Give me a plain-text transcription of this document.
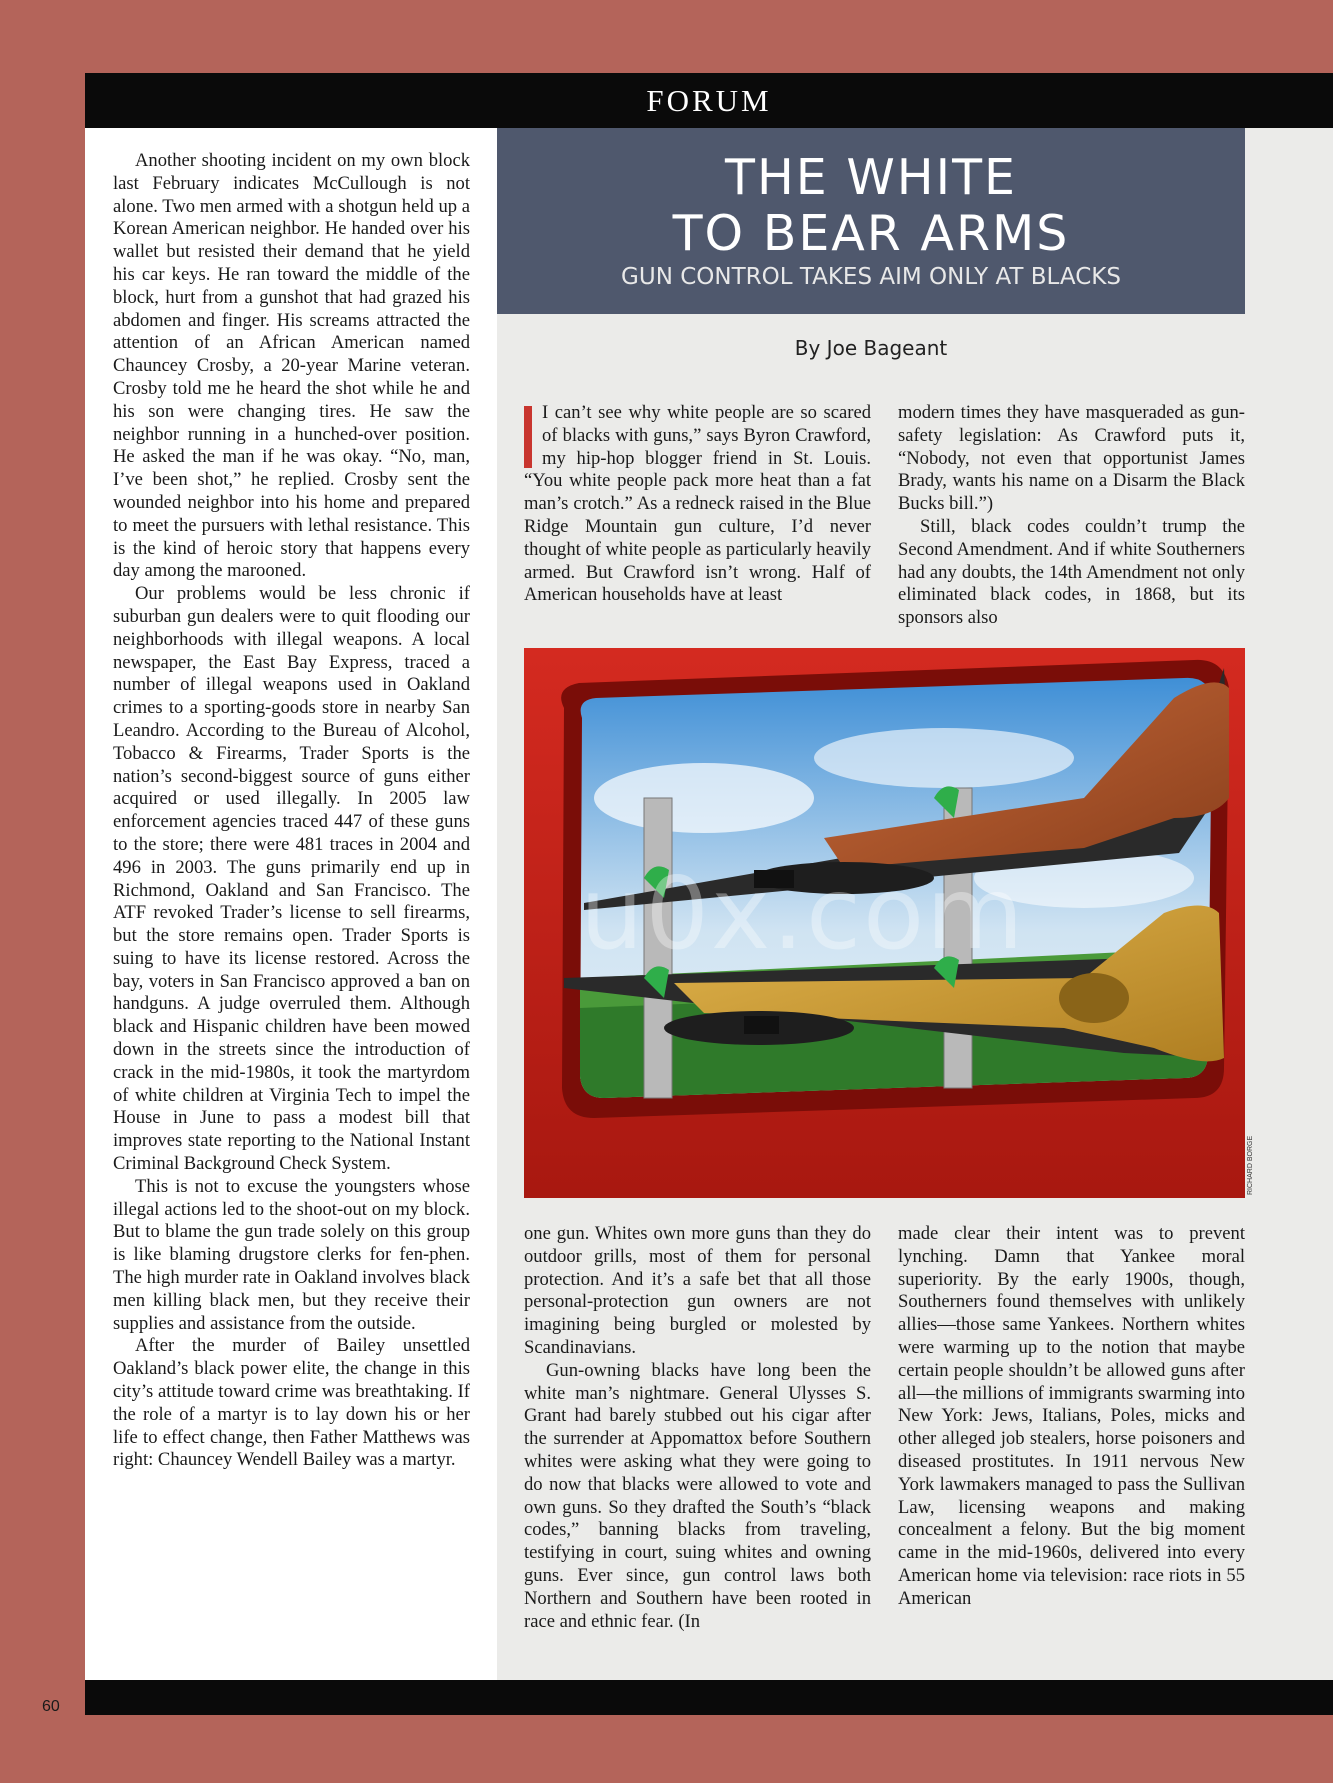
FORUM

Another shooting incident on my own block last February indicates McCullough is not alone. Two men armed with a shotgun held up a Korean American neighbor. He handed over his wallet but resisted their demand that he yield his car keys. He ran toward the middle of the block, hurt from a gunshot that had grazed his abdomen and finger. His screams attracted the attention of an African American named Chauncey Crosby, a 20-year Marine veteran. Crosby told me he heard the shot while he and his son were changing tires. He saw the neighbor running in a hunched-over position. He asked the man if he was okay. “No, man, I’ve been shot,” he replied. Crosby sent the wounded neighbor into his home and prepared to meet the pursuers with lethal resistance. This is the kind of heroic story that happens every day among the marooned.

Our problems would be less chronic if suburban gun dealers were to quit flooding our neighborhoods with illegal weapons. A local newspaper, the East Bay Express, traced a number of illegal weapons used in Oakland crimes to a sporting-goods store in nearby San Leandro. According to the Bureau of Alcohol, Tobacco & Firearms, Trader Sports is the nation’s second-biggest source of guns either acquired or used illegally. In 2005 law enforcement agencies traced 447 of these guns to the store; there were 481 traces in 2004 and 496 in 2003. The guns primarily end up in Richmond, Oakland and San Francisco. The ATF revoked Trader’s license to sell firearms, but the store remains open. Trader Sports is suing to have its license restored. Across the bay, voters in San Francisco approved a ban on handguns. A judge overruled them. Although black and Hispanic children have been mowed down in the streets since the introduction of crack in the mid-1980s, it took the martyrdom of white children at Virginia Tech to impel the House in June to pass a modest bill that improves state reporting to the National Instant Criminal Background Check System.

This is not to excuse the youngsters whose illegal actions led to the shoot-out on my block. But to blame the gun trade solely on this group is like blaming drugstore clerks for fen-phen. The high murder rate in Oakland involves black men killing black men, but they receive their supplies and assistance from the outside.

After the murder of Bailey unsettled Oakland’s black power elite, the change in this city’s attitude toward crime was breathtaking. If the role of a martyr is to lay down his or her life to effect change, then Father Matthews was right: Chauncey Wendell Bailey was a martyr.

THE WHITE
TO BEAR ARMS
GUN CONTROL TAKES AIM ONLY AT BLACKS
By Joe Bageant

I can’t see why white people are so scared of blacks with guns,” says Byron Crawford, my hip-hop blogger friend in St. Louis. “You white people pack more heat than a fat man’s crotch.” As a redneck raised in the Blue Ridge Mountain gun culture, I’d never thought of white people as particularly heavily armed. But Crawford isn’t wrong. Half of American households have at least

modern times they have masqueraded as gun-safety legislation: As Crawford puts it, “Nobody, not even that opportunist James Brady, wants his name on a Disarm the Black Bucks bill.”)

Still, black codes couldn’t trump the Second Amendment. And if white Southerners had any doubts, the 14th Amendment not only eliminated black codes, in 1868, but its sponsors also

u0x.com
RICHARD BORGE

one gun. Whites own more guns than they do outdoor grills, most of them for personal protection. And it’s a safe bet that all those personal-protection gun owners are not imagining being burgled or molested by Scandinavians.

Gun-owning blacks have long been the white man’s nightmare. General Ulysses S. Grant had barely stubbed out his cigar after the surrender at Appomattox before Southern whites were asking what they were going to do now that blacks were allowed to vote and own guns. So they drafted the South’s “black codes,” banning blacks from traveling, testifying in court, suing whites and owning guns. Ever since, gun control laws both Northern and Southern have been rooted in race and ethnic fear. (In

made clear their intent was to prevent lynching. Damn that Yankee moral superiority. By the early 1900s, though, Southerners found themselves with unlikely allies—those same Yankees. Northern whites were warming up to the notion that maybe certain people shouldn’t be allowed guns after all—the millions of immigrants swarming into New York: Jews, Italians, Poles, micks and other alleged job stealers, horse poisoners and diseased prostitutes. In 1911 nervous New York lawmakers managed to pass the Sullivan Law, licensing weapons and making concealment a felony. But the big moment came in the mid-1960s, delivered into every American home via television: race riots in 55 American

60
